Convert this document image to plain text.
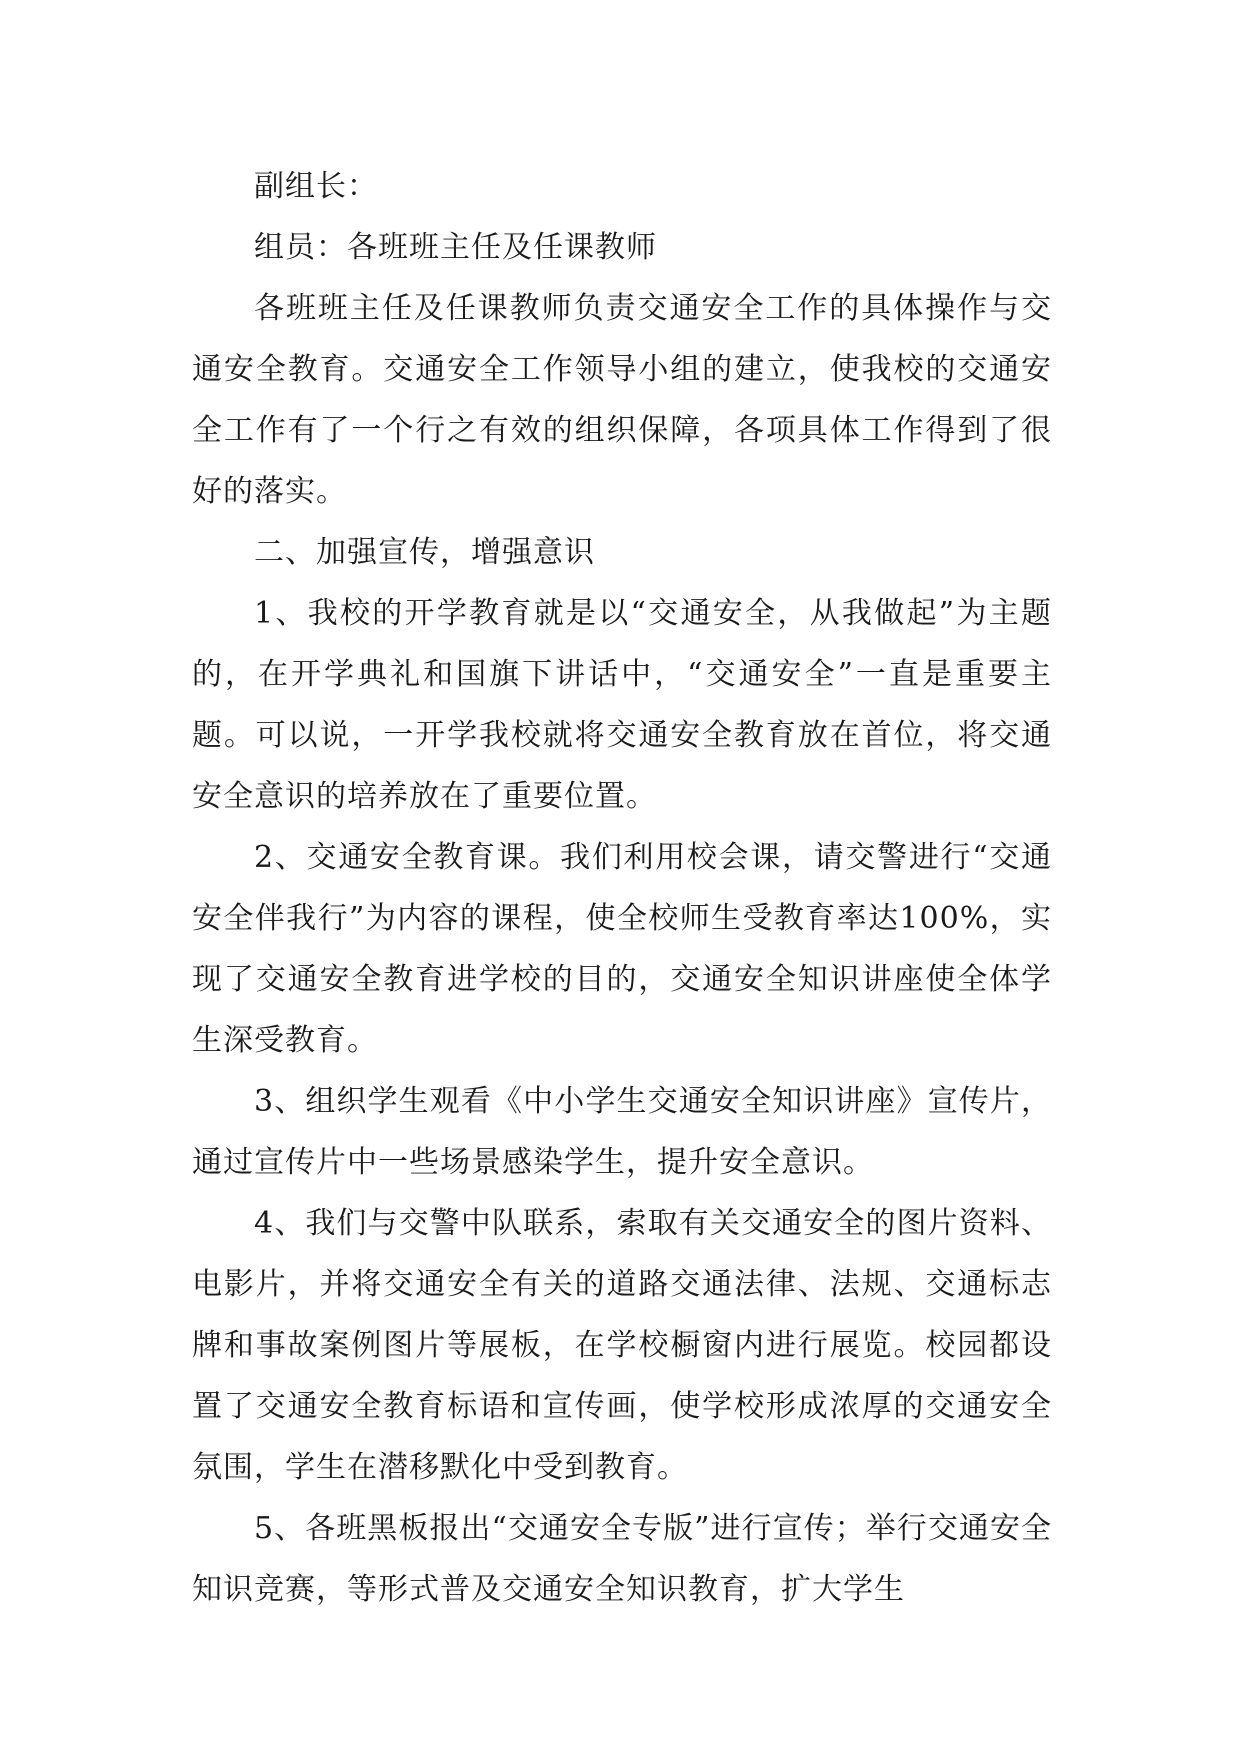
副组长：

组员：各班班主任及任课教师

各班班主任及任课教师负责交通安全工作的具体操作与交通安全教育。交通安全工作领导小组的建立，使我校的交通安全工作有了一个行之有效的组织保障，各项具体工作得到了很好的落实。

二、加强宣传，增强意识

1、我校的开学教育就是以“交通安全，从我做起”为主题的，在开学典礼和国旗下讲话中，“交通安全”一直是重要主题。可以说，一开学我校就将交通安全教育放在首位，将交通安全意识的培养放在了重要位置。

2、交通安全教育课。我们利用校会课，请交警进行“交通安全伴我行”为内容的课程，使全校师生受教育率达100%，实现了交通安全教育进学校的目的，交通安全知识讲座使全体学生深受教育。

3、组织学生观看《中小学生交通安全知识讲座》宣传片，通过宣传片中一些场景感染学生，提升安全意识。

4、我们与交警中队联系，索取有关交通安全的图片资料、电影片，并将交通安全有关的道路交通法律、法规、交通标志牌和事故案例图片等展板，在学校橱窗内进行展览。校园都设置了交通安全教育标语和宣传画，使学校形成浓厚的交通安全氛围，学生在潜移默化中受到教育。

5、各班黑板报出“交通安全专版”进行宣传；举行交通安全知识竞赛，等形式普及交通安全知识教育，扩大学生
